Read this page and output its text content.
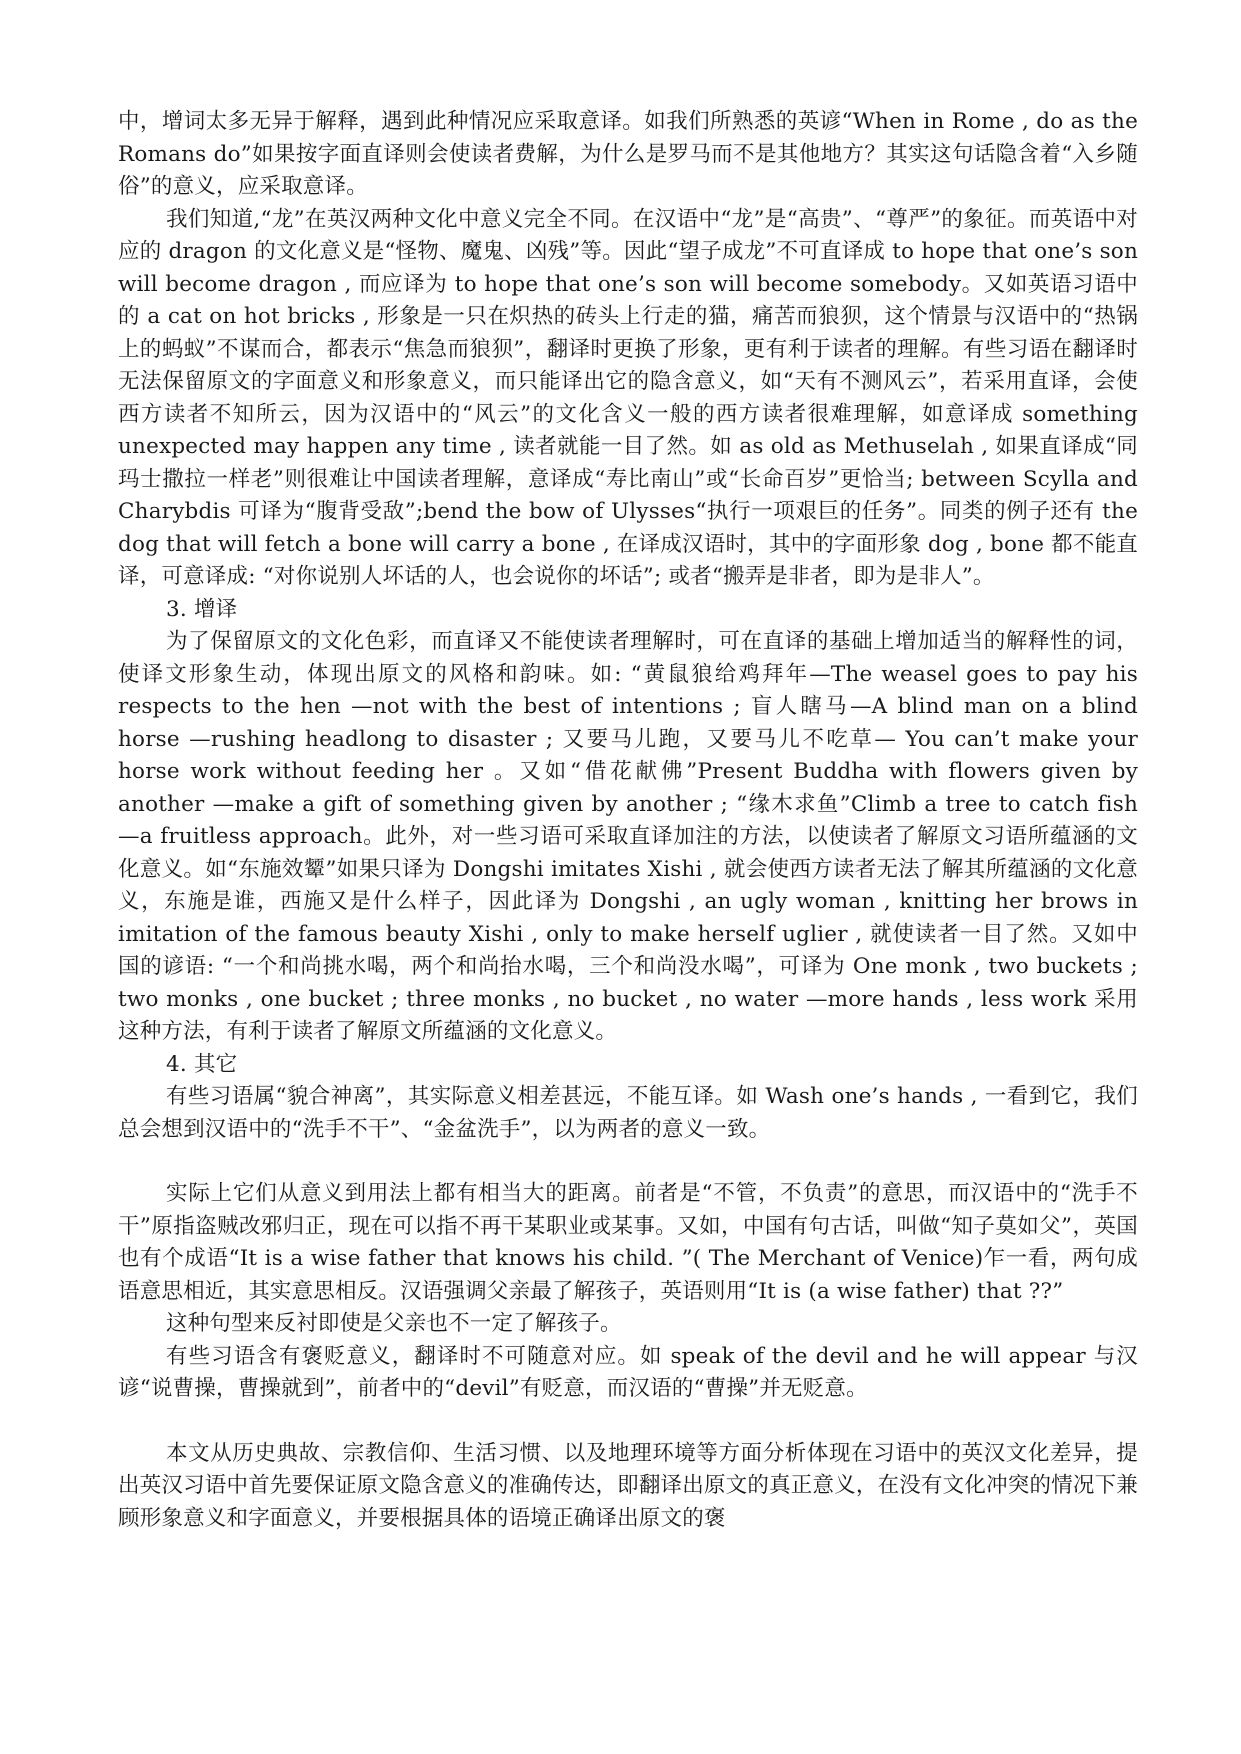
中，增词太多无异于解释，遇到此种情况应采取意译。如我们所熟悉的英谚“When in Rome , do as the Romans do”如果按字面直译则会使读者费解，为什么是罗马而不是其他地方？其实这句话隐含着“入乡随俗”的意义，应采取意译。

我们知道,“龙”在英汉两种文化中意义完全不同。在汉语中“龙”是“高贵”、“尊严”的象征。而英语中对应的 dragon 的文化意义是“怪物、魔鬼、凶残”等。因此“望子成龙”不可直译成 to hope that one’s son will become dragon , 而应译为 to hope that one’s son will become somebody。又如英语习语中的 a cat on hot bricks , 形象是一只在炽热的砖头上行走的猫，痛苦而狼狈，这个情景与汉语中的“热锅上的蚂蚁”不谋而合，都表示“焦急而狼狈”，翻译时更换了形象，更有利于读者的理解。有些习语在翻译时无法保留原文的字面意义和形象意义，而只能译出它的隐含意义，如“天有不测风云”，若采用直译，会使西方读者不知所云，因为汉语中的“风云”的文化含义一般的西方读者很难理解，如意译成 something unexpected may happen any time , 读者就能一目了然。如 as old as Methuselah , 如果直译成“同玛士撒拉一样老”则很难让中国读者理解，意译成“寿比南山”或“长命百岁”更恰当; between Scylla and Charybdis 可译为“腹背受敌”;bend the bow of Ulysses“执行一项艰巨的任务”。同类的例子还有 the dog that will fetch a bone will carry a bone , 在译成汉语时，其中的字面形象 dog , bone 都不能直译，可意译成: “对你说别人坏话的人，也会说你的坏话”; 或者“搬弄是非者，即为是非人”。

3. 增译

为了保留原文的文化色彩，而直译又不能使读者理解时，可在直译的基础上增加适当的解释性的词，使译文形象生动，体现出原文的风格和韵味。如: “黄鼠狼给鸡拜年—The weasel goes to pay his respects to the hen —not with the best of intentions ; 盲人瞎马—A blind man on a blind horse —rushing headlong to disaster ; 又要马儿跑，又要马儿不吃草— You can’t make your horse work without feeding her 。又如“借花献佛”Present Buddha with flowers given by another —make a gift of something given by another ; “缘木求鱼”Climb a tree to catch fish —a fruitless approach。此外，对一些习语可采取直译加注的方法，以使读者了解原文习语所蕴涵的文化意义。如“东施效颦”如果只译为 Dongshi imitates Xishi , 就会使西方读者无法了解其所蕴涵的文化意义，东施是谁，西施又是什么样子，因此译为 Dongshi , an ugly woman , knitting her brows in imitation of the famous beauty Xishi , only to make herself uglier , 就使读者一目了然。又如中国的谚语: “一个和尚挑水喝，两个和尚抬水喝，三个和尚没水喝”，可译为 One monk , two buckets ; two monks , one bucket ; three monks , no bucket , no water —more hands , less work 采用这种方法，有利于读者了解原文所蕴涵的文化意义。

4. 其它

有些习语属“貌合神离”，其实际意义相差甚远，不能互译。如 Wash one’s hands , 一看到它，我们总会想到汉语中的“洗手不干”、“金盆洗手”，以为两者的意义一致。

实际上它们从意义到用法上都有相当大的距离。前者是“不管，不负责”的意思，而汉语中的“洗手不干”原指盗贼改邪归正，现在可以指不再干某职业或某事。又如，中国有句古话，叫做“知子莫如父”，英国也有个成语“It is a wise father that knows his child. ”( The Merchant of Venice)乍一看，两句成语意思相近，其实意思相反。汉语强调父亲最了解孩子，英语则用“It is (a wise father) that ??”

这种句型来反衬即使是父亲也不一定了解孩子。

有些习语含有褒贬意义，翻译时不可随意对应。如 speak of the devil and he will appear 与汉谚“说曹操，曹操就到”，前者中的“devil”有贬意，而汉语的“曹操”并无贬意。

本文从历史典故、宗教信仰、生活习惯、以及地理环境等方面分析体现在习语中的英汉文化差异，提出英汉习语中首先要保证原文隐含意义的准确传达，即翻译出原文的真正意义，在没有文化冲突的情况下兼顾形象意义和字面意义，并要根据具体的语境正确译出原文的褒
